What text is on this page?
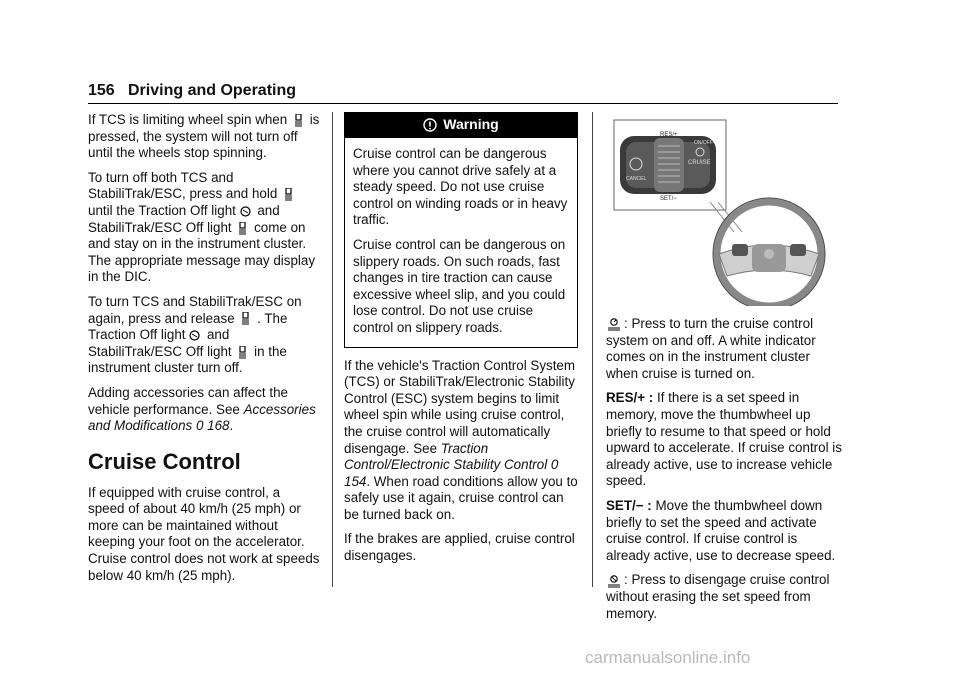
156 Driving and Operating

If TCS is limiting wheel spin when is pressed, the system will not turn off until the wheels stop spinning.

To turn off both TCS and StabiliTrak/ESC, press and hold  until the Traction Off light and StabiliTrak/ESC Off light come on and stay on in the instrument cluster. The appropriate message may display in the DIC.

To turn TCS and StabiliTrak/ESC on again, press and release . The Traction Off light and StabiliTrak/ESC Off light in the instrument cluster turn off.

Adding accessories can affect the vehicle performance. See Accessories and Modifications 0 168.

Cruise Control

If equipped with cruise control, a speed of about 40 km/h (25 mph) or more can be maintained without keeping your foot on the accelerator. Cruise control does not work at speeds below 40 km/h (25 mph).

Warning

Cruise control can be dangerous where you cannot drive safely at a steady speed. Do not use cruise control on winding roads or in heavy traffic.

Cruise control can be dangerous on slippery roads. On such roads, fast changes in tire traction can cause excessive wheel slip, and you could lose control. Do not use cruise control on slippery roads.

If the vehicle's Traction Control System (TCS) or StabiliTrak/Electronic Stability Control (ESC) system begins to limit wheel spin while using cruise control, the cruise control will automatically disengage. See Traction Control/Electronic Stability Control 0 154. When road conditions allow you to safely use it again, cruise control can be turned back on.

If the brakes are applied, cruise control disengages.

CANCEL
RES/+
SET/−
ON/OFF
CRUISE

: Press to turn the cruise control system on and off. A white indicator comes on in the instrument cluster when cruise is turned on.

RES/+ : If there is a set speed in memory, move the thumbwheel up briefly to resume to that speed or hold upward to accelerate. If cruise control is already active, use to increase vehicle speed.

SET/− : Move the thumbwheel down briefly to set the speed and activate cruise control. If cruise control is already active, use to decrease speed.

: Press to disengage cruise control without erasing the set speed from memory.

carmanualsonline.info
